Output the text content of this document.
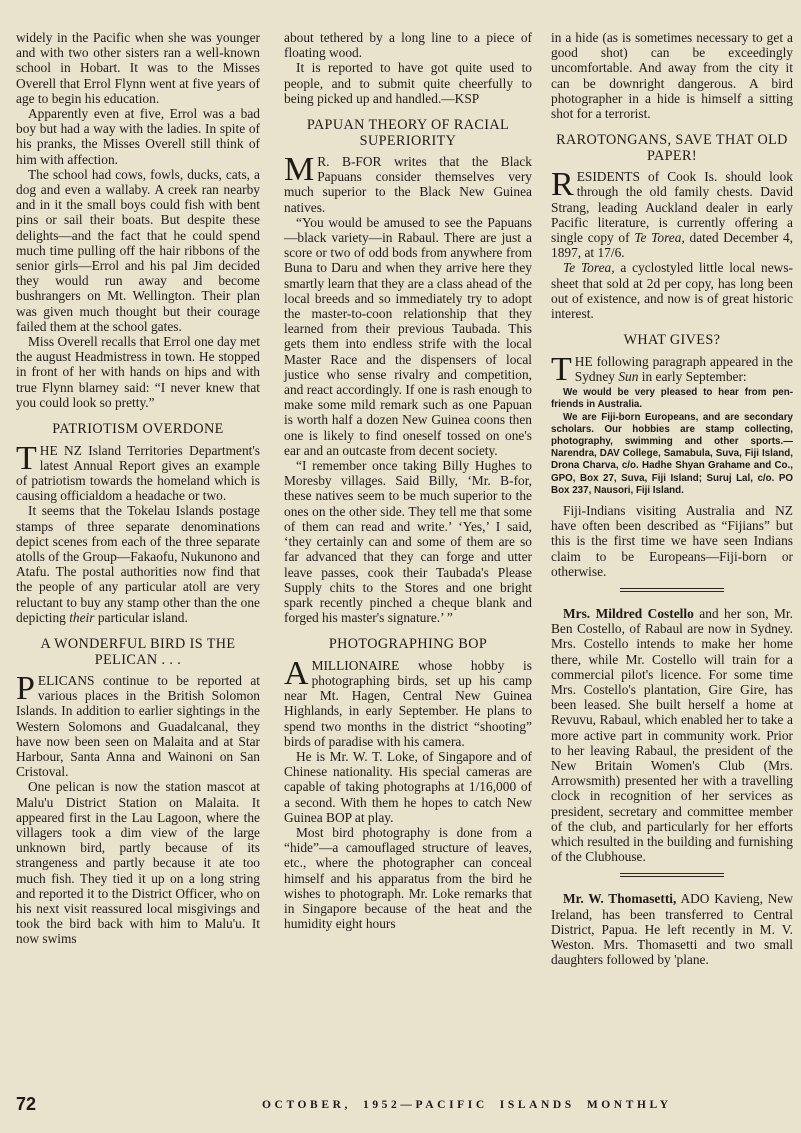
widely in the Pacific when she was younger and with two other sisters ran a well-known school in Hobart. It was to the Misses Overell that Errol Flynn went at five years of age to begin his education.

Apparently even at five, Errol was a bad boy but had a way with the ladies. In spite of his pranks, the Misses Overell still think of him with affection.

The school had cows, fowls, ducks, cats, a dog and even a wallaby. A creek ran nearby and in it the small boys could fish with bent pins or sail their boats. But despite these delights—and the fact that he could spend much time pulling off the hair ribbons of the senior girls—Errol and his pal Jim decided they would run away and become bushrangers on Mt. Wellington. Their plan was given much thought but their courage failed them at the school gates.

Miss Overell recalls that Errol one day met the august Headmistress in town. He stopped in front of her with hands on hips and with true Flynn blarney said: “I never knew that you could look so pretty.”

PATRIOTISM OVERDONE

THE NZ Island Territories Department's latest Annual Report gives an example of patriotism towards the homeland which is causing officialdom a headache or two.

It seems that the Tokelau Islands postage stamps of three separate denominations depict scenes from each of the three separate atolls of the Group—Fakaofu, Nukunono and Atafu. The postal authorities now find that the people of any particular atoll are very reluctant to buy any stamp other than the one depicting their particular island.

A WONDERFUL BIRD IS THE PELICAN . . .

PELICANS continue to be reported at various places in the British Solomon Islands. In addition to earlier sightings in the Western Solomons and Guadalcanal, they have now been seen on Malaita and at Star Harbour, Santa Anna and Wainoni on San Cristoval.

One pelican is now the station mascot at Malu'u District Station on Malaita. It appeared first in the Lau Lagoon, where the villagers took a dim view of the large unknown bird, partly because of its strangeness and partly because it ate too much fish. They tied it up on a long string and reported it to the District Officer, who on his next visit reassured local misgivings and took the bird back with him to Malu'u. It now swims

about tethered by a long line to a piece of floating wood.

It is reported to have got quite used to people, and to submit quite cheerfully to being picked up and handled.—KSP

PAPUAN THEORY OF RACIAL SUPERIORITY

M R. B-FOR writes that the Black Papuans consider themselves very much superior to the Black New Guinea natives.

“You would be amused to see the Papuans—black variety—in Rabaul. There are just a score or two of odd bods from anywhere from Buna to Daru and when they arrive here they smartly learn that they are a class ahead of the local breeds and so immediately try to adopt the master-to-coon relationship that they learned from their previous Taubada. This gets them into endless strife with the local Master Race and the dispensers of local justice who sense rivalry and competition, and react accordingly. If one is rash enough to make some mild remark such as one Papuan is worth half a dozen New Guinea coons then one is likely to find oneself tossed on one's ear and an outcaste from decent society.

“I remember once taking Billy Hughes to Moresby villages. Said Billy, ‘Mr. B-for, these natives seem to be much superior to the ones on the other side. They tell me that some of them can read and write.’ ‘Yes,’ I said, ‘they certainly can and some of them are so far advanced that they can forge and utter leave passes, cook their Taubada's Please Supply chits to the Stores and one bright spark recently pinched a cheque blank and forged his master's signature.’ ”

PHOTOGRAPHING BOP

AMILLIONAIRE whose hobby is photographing birds, set up his camp near Mt. Hagen, Central New Guinea Highlands, in early September. He plans to spend two months in the district “shooting” birds of paradise with his camera.

He is Mr. W. T. Loke, of Singapore and of Chinese nationality. His special cameras are capable of taking photographs at 1/16,000 of a second. With them he hopes to catch New Guinea BOP at play.

Most bird photography is done from a “hide”—a camouflaged structure of leaves, etc., where the photographer can conceal himself and his apparatus from the bird he wishes to photograph. Mr. Loke remarks that in Singapore because of the heat and the humidity eight hours

in a hide (as is sometimes necessary to get a good shot) can be exceedingly uncomfortable. And away from the city it can be downright dangerous. A bird photographer in a hide is himself a sitting shot for a terrorist.

RAROTONGANS, SAVE THAT OLD PAPER!

RESIDENTS of Cook Is. should look through the old family chests. David Strang, leading Auckland dealer in early Pacific literature, is currently offering a single copy of Te Torea, dated December 4, 1897, at 17/6.

Te Torea, a cyclostyled little local news-sheet that sold at 2d per copy, has long been out of existence, and now is of great historic interest.

WHAT GIVES?

THE following paragraph appeared in the Sydney Sun in early September:

We would be very pleased to hear from pen-friends in Australia.

We are Fiji-born Europeans, and are secondary scholars. Our hobbies are stamp collecting, photography, swimming and other sports.—Narendra, DAV College, Samabula, Suva, Fiji Island, Drona Charva, c/o. Hadhe Shyan Grahame and Co., GPO, Box 27, Suva, Fiji Island; Suruj Lal, c/o. PO Box 237, Nausori, Fiji Island.

Fiji-Indians visiting Australia and NZ have often been described as “Fijians” but this is the first time we have seen Indians claim to be Europeans—Fiji-born or otherwise.

Mrs. Mildred Costello and her son, Mr. Ben Costello, of Rabaul are now in Sydney. Mrs. Costello intends to make her home there, while Mr. Costello will train for a commercial pilot's licence. For some time Mrs. Costello's plantation, Gire Gire, has been leased. She built herself a home at Revuvu, Rabaul, which enabled her to take a more active part in community work. Prior to her leaving Rabaul, the president of the New Britain Women's Club (Mrs. Arrowsmith) presented her with a travelling clock in recognition of her services as president, secretary and committee member of the club, and particularly for her efforts which resulted in the building and furnishing of the Clubhouse.

Mr. W. Thomasetti, ADO Kavieng, New Ireland, has been transferred to Central District, Papua. He left recently in M. V. Weston. Mrs. Thomasetti and two small daughters followed by 'plane.

72	OCTOBER, 1952—PACIFIC ISLANDS MONTHLY
